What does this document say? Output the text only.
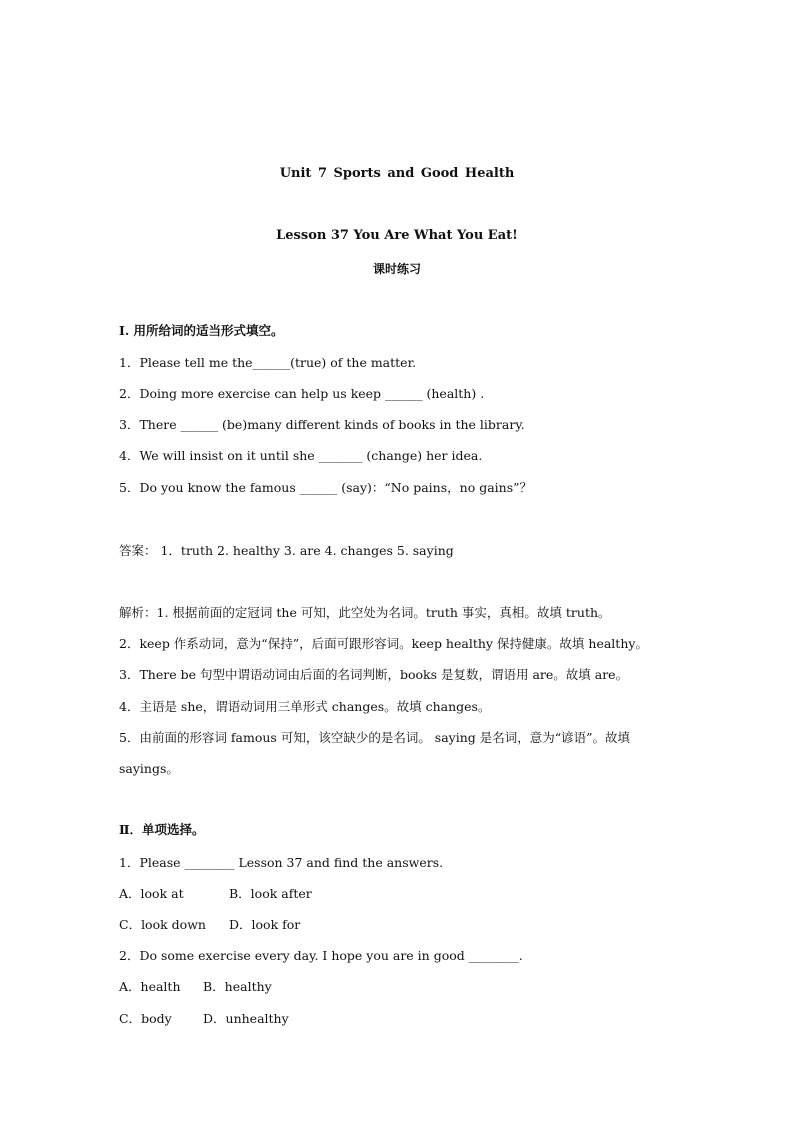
Unit 7 Sports and Good Health
Lesson 37 You Are What You Eat!
课时练习
Ⅰ. 用所给词的适当形式填空。
1．Please tell me the______(true) of the matter.
2．Doing more exercise can help us keep ______ (health) .
3．There ______ (be)many different kinds of books in the library.
4．We will insist on it until she _______ (change) her idea.
5．Do you know the famous ______ (say)：“No pains，no gains”？
答案： 1．truth 2. healthy 3. are 4. changes 5. saying
解析：1. 根据前面的定冠词 the 可知，此空处为名词。truth 事实，真相。故填 truth。
2．keep 作系动词，意为“保持”，后面可跟形容词。keep healthy 保持健康。故填 healthy。
3．There be 句型中谓语动词由后面的名词判断，books 是复数，谓语用 are。故填 are。
4．主语是 she，谓语动词用三单形式 changes。故填 changes。
5．由前面的形容词 famous 可知，该空缺少的是名词。 saying 是名词，意为“谚语”。故填
sayings。
Ⅱ．单项选择。
1．Please ________ Lesson 37 and find the answers.
A．look at	B．look after
C．look down D．look for
2．Do some exercise every day. I hope you are in good ________.
A．health B．healthy
C．body	D．unhealthy
